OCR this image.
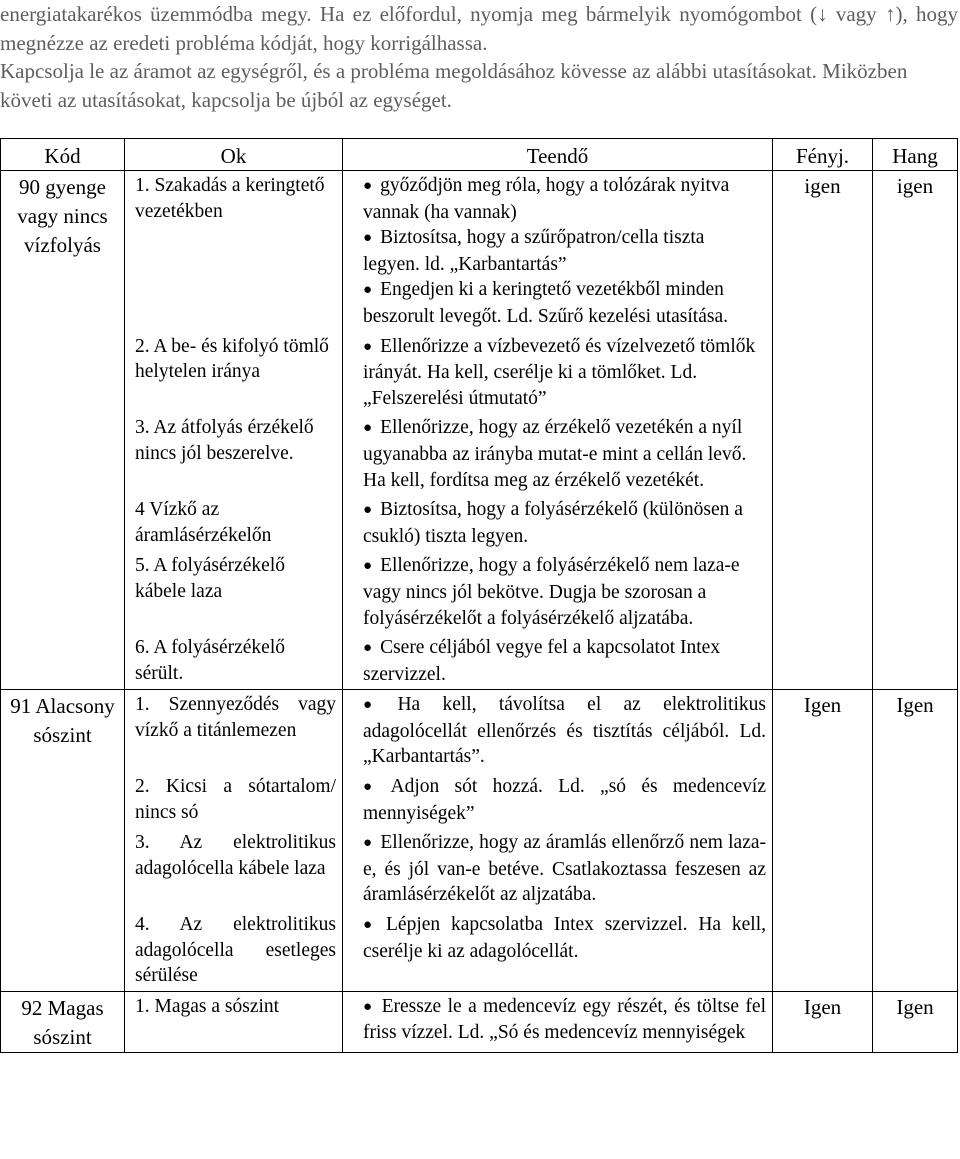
energiatakarékos üzemmódba megy. Ha ez előfordul, nyomja meg bármelyik nyomógombot (↓ vagy ↑), hogy megnézze az eredeti probléma kódját, hogy korrigálhassa.

Kapcsolja le az áramot az egységről, és a probléma megoldásához kövesse az alábbi utasításokat. Miközben követi az utasításokat, kapcsolja be újból az egységet.

Kód	Ok	Teendő	Fényj.	Hang
90 gyenge vagy nincs vízfolyás	1. Szakadás a keringtető vezetékben	● győződjön meg róla, hogy a tolózárak nyitva vannak (ha vannak)
● Biztosítsa, hogy a szűrőpatron/cella tiszta legyen. ld. „Karbantartás”
● Engedjen ki a keringtető vezetékből minden beszorult levegőt. Ld. Szűrő kezelési utasítása.	igen	igen
	2. A be- és kifolyó tömlő helytelen iránya	● Ellenőrizze a vízbevezető és vízelvezető tömlők irányát. Ha kell, cserélje ki a tömlőket. Ld. „Felszerelési útmutató”		

	3. Az átfolyás érzékelő nincs jól beszerelve.	● Ellenőrizze, hogy az érzékelő vezetékén a nyíl ugyanabba az irányba mutat-e mint a cellán levő. Ha kell, fordítsa meg az érzékelő vezetékét.		

	4 Vízkő az áramlásérzékelőn	● Biztosítsa, hogy a folyásérzékelő (különösen a csukló) tiszta legyen.		

	5. A folyásérzékelő kábele laza	● Ellenőrizze, hogy a folyásérzékelő nem laza-e vagy nincs jól bekötve. Dugja be szorosan a folyásérzékelőt a folyásérzékelő aljzatába.		

	6. A folyásérzékelő sérült.	● Csere céljából vegye fel a kapcsolatot Intex szervizzel.		

91 Alacsony sószint	1. Szennyeződés vagy vízkő a titánlemezen	● Ha kell, távolítsa el az elektrolitikus adagolócellát ellenőrzés és tisztítás céljából. Ld. „Karbantartás”.	Igen	Igen
	2. Kicsi a sótartalom/ nincs só	● Adjon sót hozzá. Ld. „só és medencevíz mennyiségek”		

	3. Az elektrolitikus adagolócella kábele laza	● Ellenőrizze, hogy az áramlás ellenőrző nem laza-e, és jól van-e betéve. Csatlakoztassa feszesen az áramlásérzékelőt az aljzatába.		

	4. Az elektrolitikus adagolócella esetleges sérülése	● Lépjen kapcsolatba Intex szervizzel. Ha kell, cserélje ki az adagolócellát.		

92 Magas sószint	1. Magas a sószint	● Eressze le a medencevíz egy részét, és töltse fel friss vízzel. Ld. „Só és medencevíz mennyiségek	Igen	Igen
